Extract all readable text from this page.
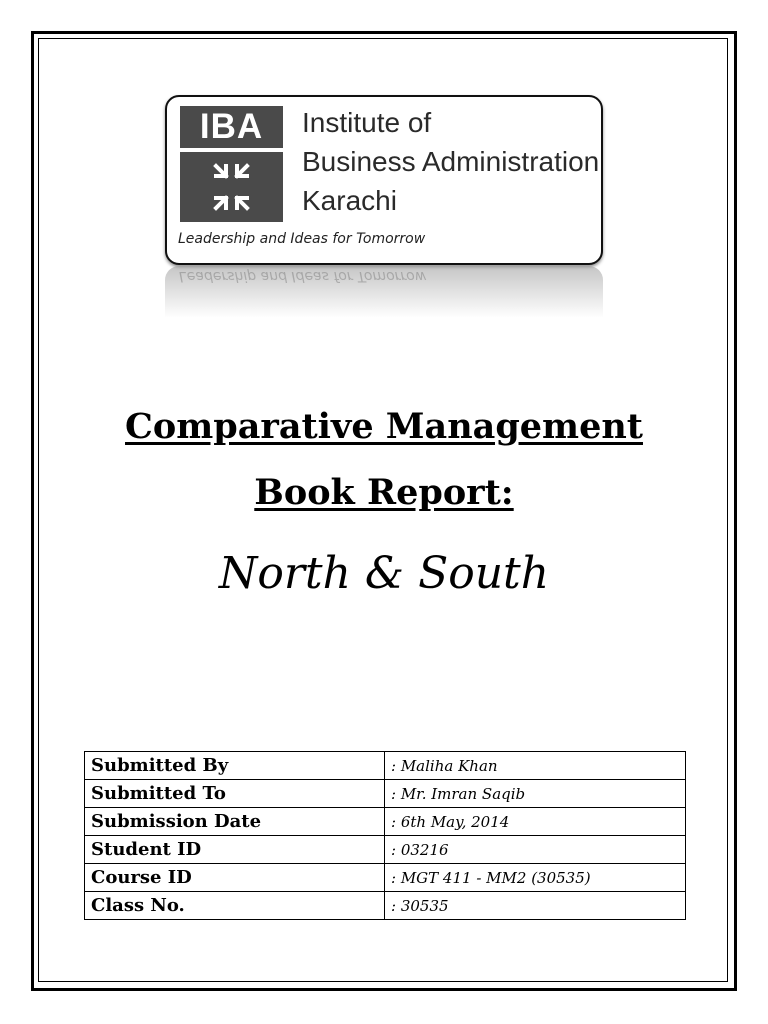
Leadership and Ideas for Tomorrow
IBA	Institute of
Business Administration
Karachi
Leadership and Ideas for Tomorrow
Comparative Management
Book Report:
North & South
Submitted By	: Maliha Khan
Submitted To	: Mr. Imran Saqib
Submission Date	: 6th May, 2014
Student ID	: 03216
Course ID	: MGT 411 - MM2 (30535)
Class No.	: 30535
